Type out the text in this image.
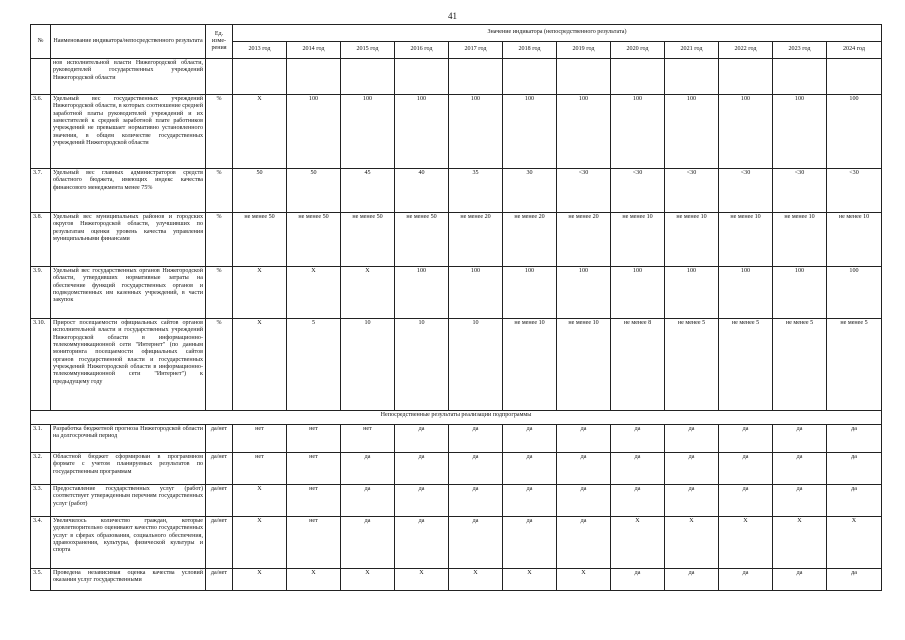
41
№	Наименование индикатора/непосредственного результата	Ед. изме-рения	Значение индикатора (непосредственного результата)											
			2013 год	2014 год	2015 год	2016 год	2017 год	2018 год	2019 год	2020 год	2021 год	2022 год	2023 год	2024 год
	нов исполнительной власти Нижегородской области, руководителей государственных учреждений Нижегородской области													
3.6.	Удельный вес государственных учреждений Нижегородской области, в которых соотношение средней заработной платы руководителей учреждений и их заместителей к средней заработной плате работников учреждений не превышает нормативно установленного значения, в общем количестве государственных учреждений Нижегородской области	%	Х	100	100	100	100	100	100	100	100	100	100	100
3.7.	Удельный вес главных администраторов средств областного бюджета, имеющих индекс качества финансового менеджмента менее 75%	%	50	50	45	40	35	30	<30	<30	<30	<30	<30	<30
3.8.	Удельный вес муниципальных районов и городских округов Нижегородской области, улучшивших по результатам оценки уровень качества управления муниципальными финансами	%	не менее 50	не менее 50	не менее 50	не менее 50	не менее 20	не менее 20	не менее 20	не менее 10	не менее 10	не менее 10	не менее 10	не менее 10
3.9.	Удельный вес государственных органов Нижегородской области, утвердивших нормативные затраты на обеспечение функций государственных органов и подведомственных им казенных учреждений, в части закупок	%	Х	Х	Х	100	100	100	100	100	100	100	100	100
3.10.	Прирост посещаемости официальных сайтов органов исполнительной власти и государственных учреждений Нижегородской области в информационно-телекоммуникационной сети "Интернет" (по данным мониторинга посещаемости официальных сайтов органов государственной власти и государственных учреждений Нижегородской области в информационно-телекоммуникационной сети "Интернет") к предыдущему году	%	Х	5	10	10	10	не менее 10	не менее 10	не менее 8	не менее 5	не менее 5	не менее 5	не менее 5
Непосредственные результаты реализации подпрограммы														
3.1.	Разработка бюджетной прогноза Нижегородской области на долгосрочный период	да/нет	нет	нет	нет	да	да	да	да	да	да	да	да	да
3.2.	Областной бюджет сформирован в программном формате с учетом планируемых результатов по государственным программам	да/нет	нет	нет	да	да	да	да	да	да	да	да	да	да
3.3.	Предоставление государственных услуг (работ) соответствует утвержденным перечням государственных услуг (работ)	да/нет	Х	нет	да	да	да	да	да	да	да	да	да	да
3.4.	Увеличилось количество граждан, которые удовлетворительно оценивают качество государственных услуг в сферах образования, социального обеспечения, здравоохранения, культуры, физической культуры и спорта	да/нет	Х	нет	да	да	да	да	да	Х	Х	Х	Х	Х
3.5.	Проведена независимая оценка качества условий оказания услуг государственными	да/нет	Х	Х	Х	Х	Х	Х	Х	да	да	да	да	да
